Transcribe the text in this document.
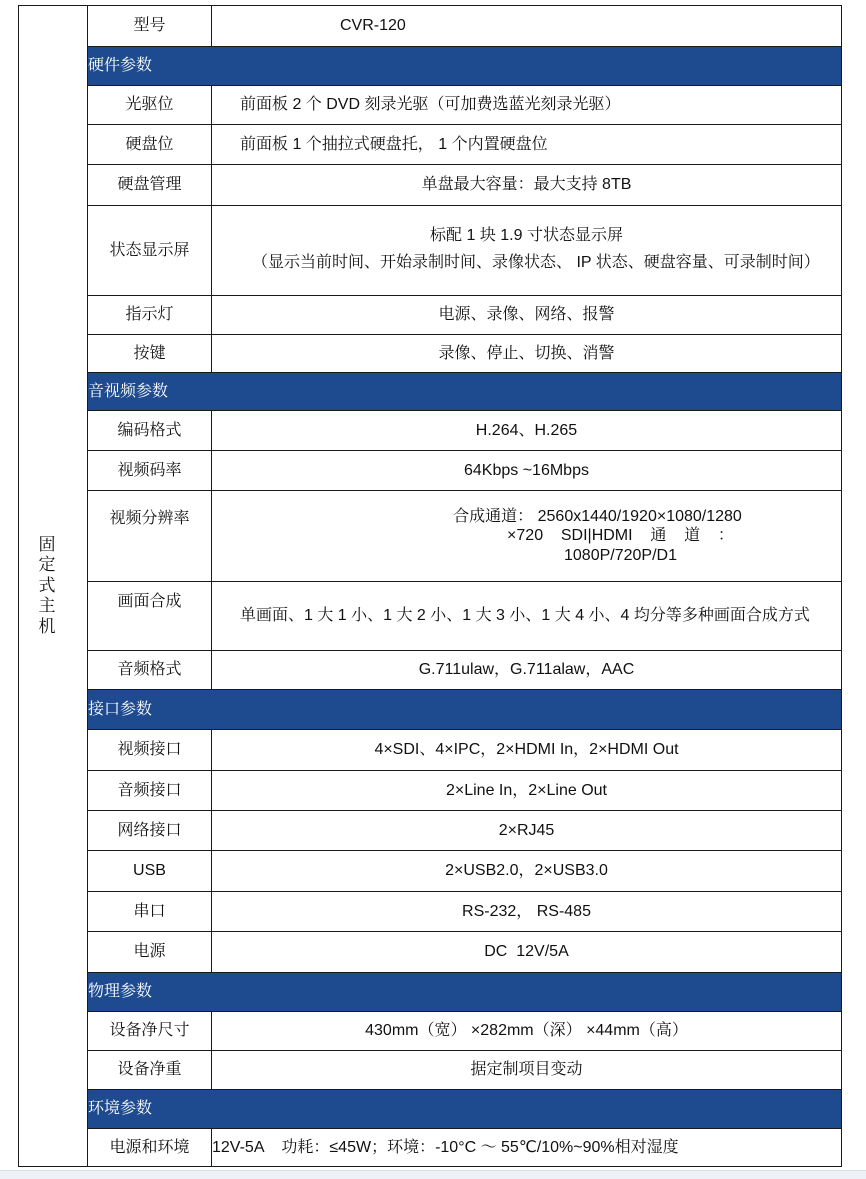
固 定 式 主 机	型号	CVR-120
	硬件参数	
	光驱位	前面板 2 个 DVD 刻录光驱（可加费选蓝光刻录光驱）
	硬盘位	前面板 1 个抽拉式硬盘托， 1 个内置硬盘位
	硬盘管理	单盘最大容量：最大支持 8TB
	状态显示屏	标配 1 块 1.9 寸状态显示屏
（显示当前时间、开始录制时间、录像状态、 IP 状态、硬盘容量、可录制时间）

	指示灯	电源、录像、网络、报警
	按键	录像、停止、切换、消警
	音视频参数	
	编码格式	H.264、H.265
	视频码率	64Kbps ~16Mbps
	视频分辨率	合成通道： 2560x1440/1920×1080/1280
×720    SDI|HDMI    通    道    ：
1080P/720P/D1

	画面合成	单画面、1 大 1 小、1 大 2 小、1 大 3 小、1 大 4 小、4 均分等多种画面合成方式
	音频格式	G.711ulaw，G.711alaw，AAC
	接口参数	
	视频接口	4×SDI、4×IPC，2×HDMI In，2×HDMI Out
	音频接口	2×Line In，2×Line Out
	网络接口	2×RJ45
	USB	2×USB2.0，2×USB3.0
	串口	RS-232， RS-485
	电源	DC  12V/5A
	物理参数	
	设备净尺寸	430mm（宽） ×282mm（深） ×44mm（高）
	设备净重	据定制项目变动
	环境参数	
	电源和环境	12V-5A    功耗：≤45W；环境：-10°C ～ 55℃/10%~90%相对湿度
